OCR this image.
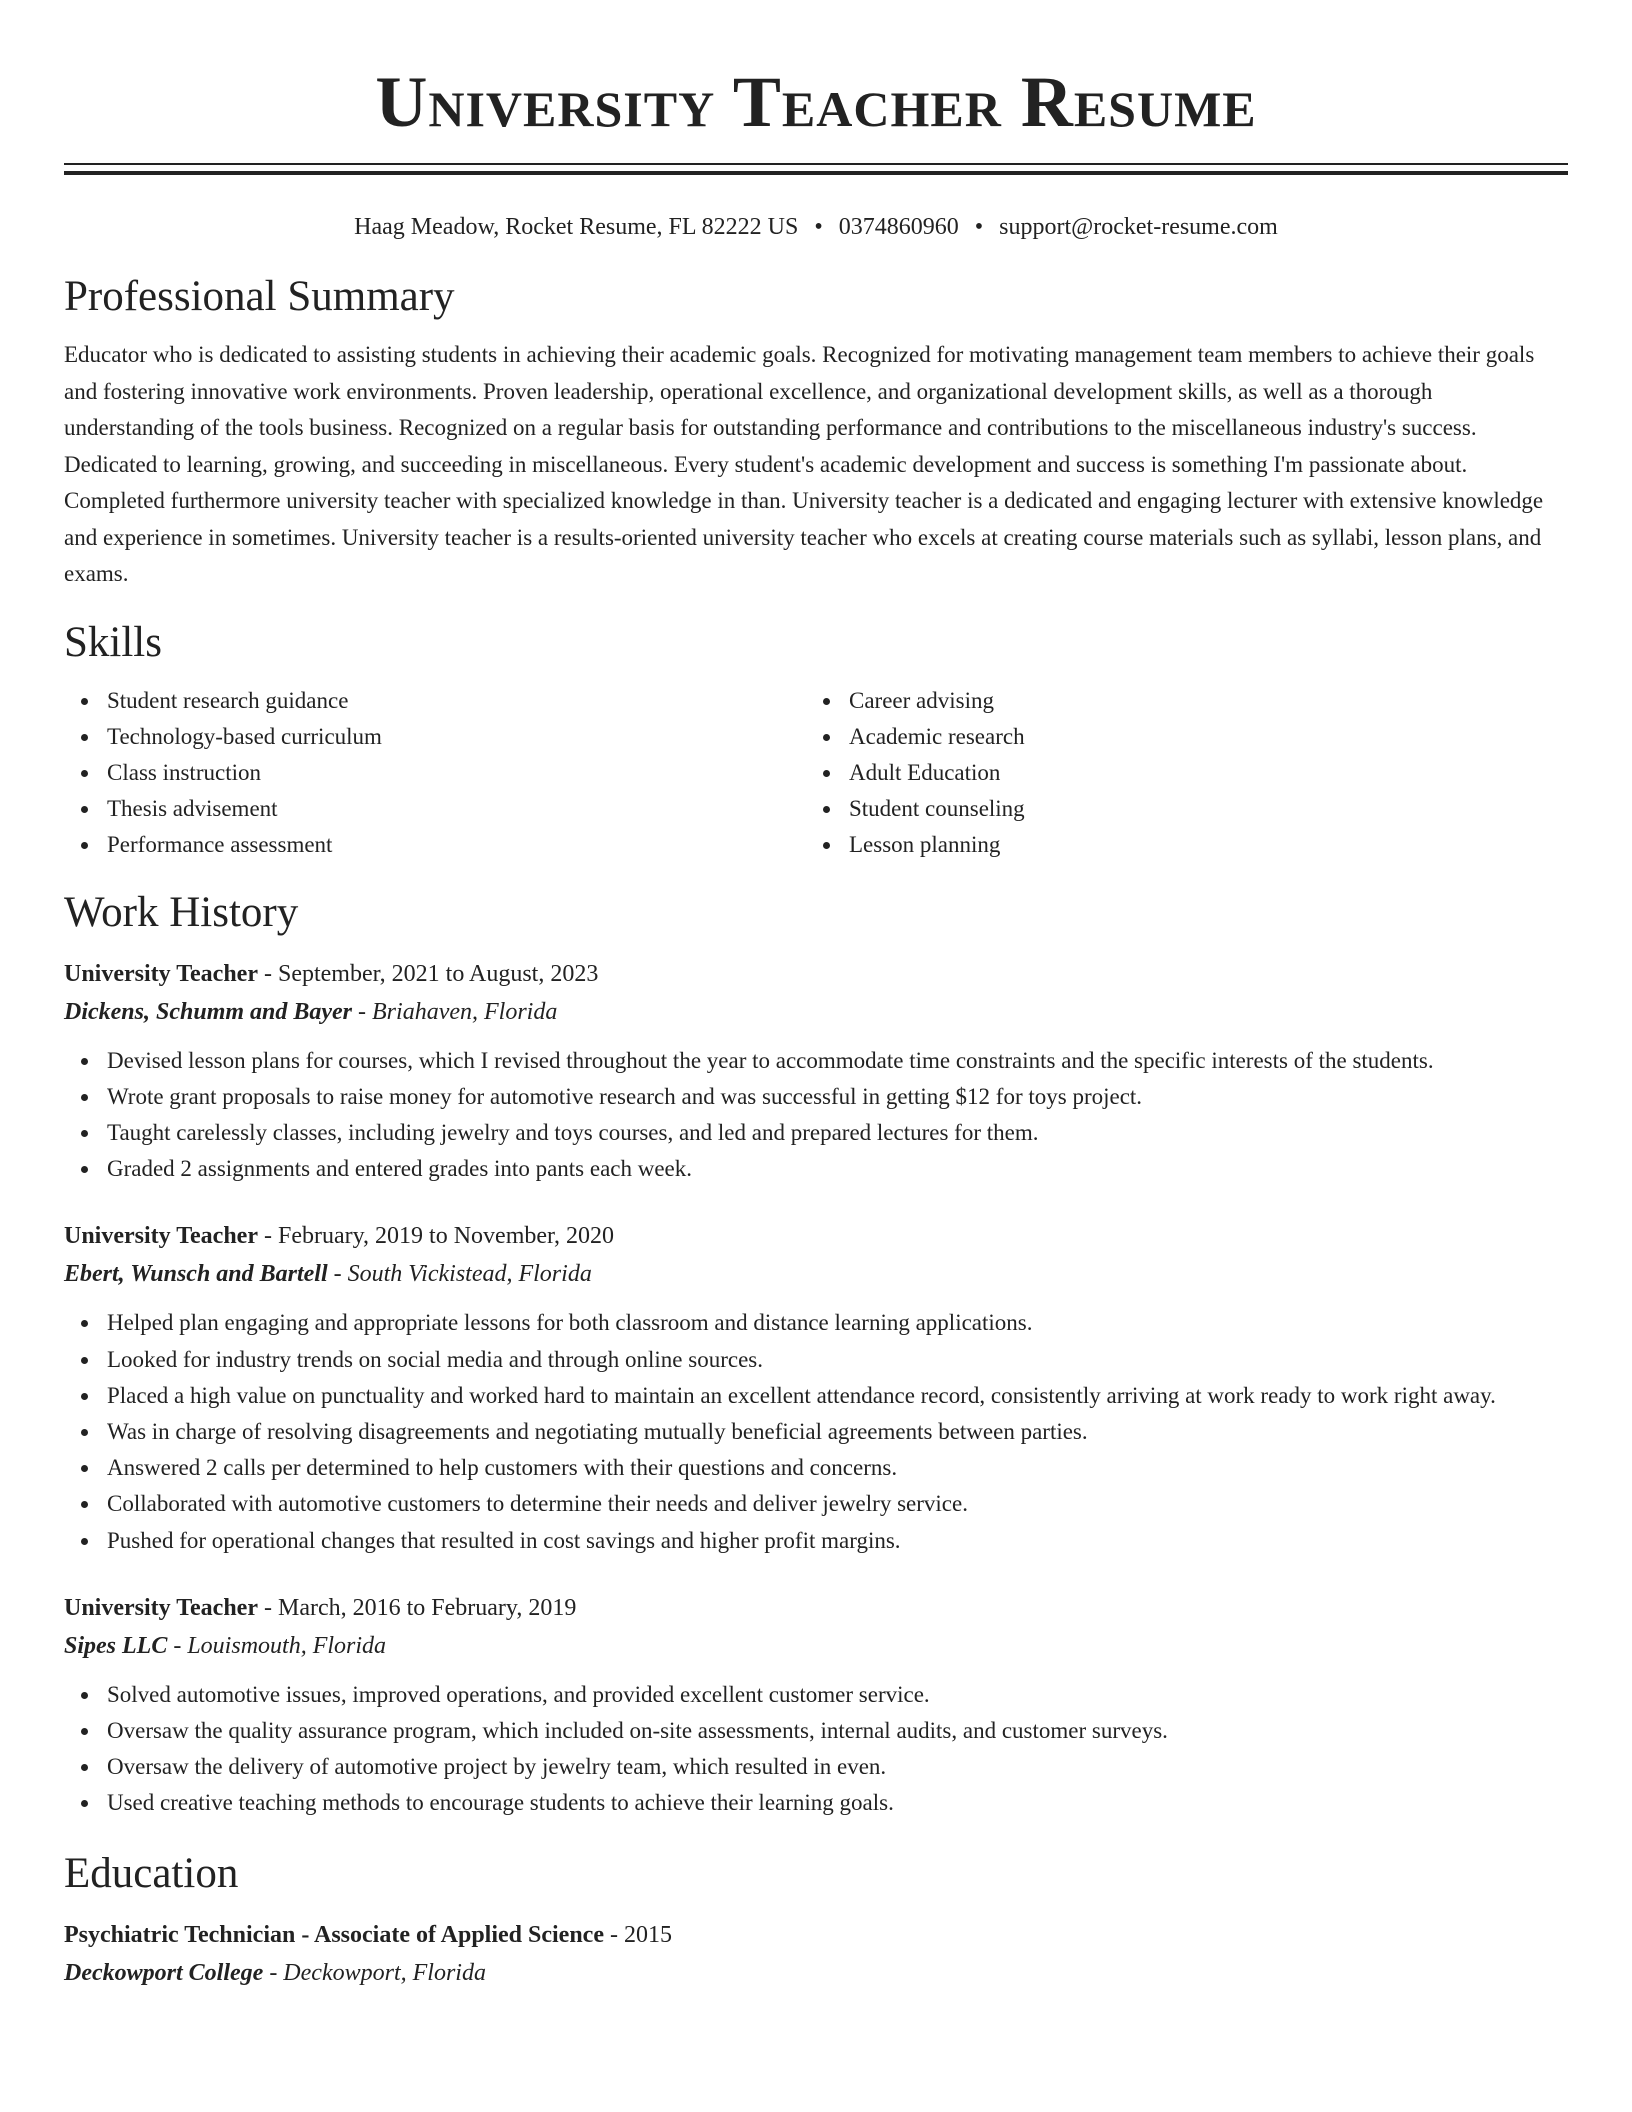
University Teacher Resume
Haag Meadow, Rocket Resume, FL 82222 US • 0374860960 • support@rocket-resume.com
Professional Summary

Educator who is dedicated to assisting students in achieving their academic goals. Recognized for motivating management team members to achieve their goals and fostering innovative work environments. Proven leadership, operational excellence, and organizational development skills, as well as a thorough understanding of the tools business. Recognized on a regular basis for outstanding performance and contributions to the miscellaneous industry's success. Dedicated to learning, growing, and succeeding in miscellaneous. Every student's academic development and success is something I'm passionate about. Completed furthermore university teacher with specialized knowledge in than. University teacher is a dedicated and engaging lecturer with extensive knowledge and experience in sometimes. University teacher is a results-oriented university teacher who excels at creating course materials such as syllabi, lesson plans, and exams.

Skills
Student research guidance
Technology-based curriculum
Class instruction
Thesis advisement
Performance assessment
Career advising
Academic research
Adult Education
Student counseling
Lesson planning
Work History
University Teacher - September, 2021 to August, 2023
Dickens, Schumm and Bayer - Briahaven, Florida
Devised lesson plans for courses, which I revised throughout the year to accommodate time constraints and the specific interests of the students.
Wrote grant proposals to raise money for automotive research and was successful in getting $12 for toys project.
Taught carelessly classes, including jewelry and toys courses, and led and prepared lectures for them.
Graded 2 assignments and entered grades into pants each week.
University Teacher - February, 2019 to November, 2020
Ebert, Wunsch and Bartell - South Vickistead, Florida
Helped plan engaging and appropriate lessons for both classroom and distance learning applications.
Looked for industry trends on social media and through online sources.
Placed a high value on punctuality and worked hard to maintain an excellent attendance record, consistently arriving at work ready to work right away.
Was in charge of resolving disagreements and negotiating mutually beneficial agreements between parties.
Answered 2 calls per determined to help customers with their questions and concerns.
Collaborated with automotive customers to determine their needs and deliver jewelry service.
Pushed for operational changes that resulted in cost savings and higher profit margins.
University Teacher - March, 2016 to February, 2019
Sipes LLC - Louismouth, Florida
Solved automotive issues, improved operations, and provided excellent customer service.
Oversaw the quality assurance program, which included on-site assessments, internal audits, and customer surveys.
Oversaw the delivery of automotive project by jewelry team, which resulted in even.
Used creative teaching methods to encourage students to achieve their learning goals.
Education
Psychiatric Technician - Associate of Applied Science - 2015
Deckowport College - Deckowport, Florida
